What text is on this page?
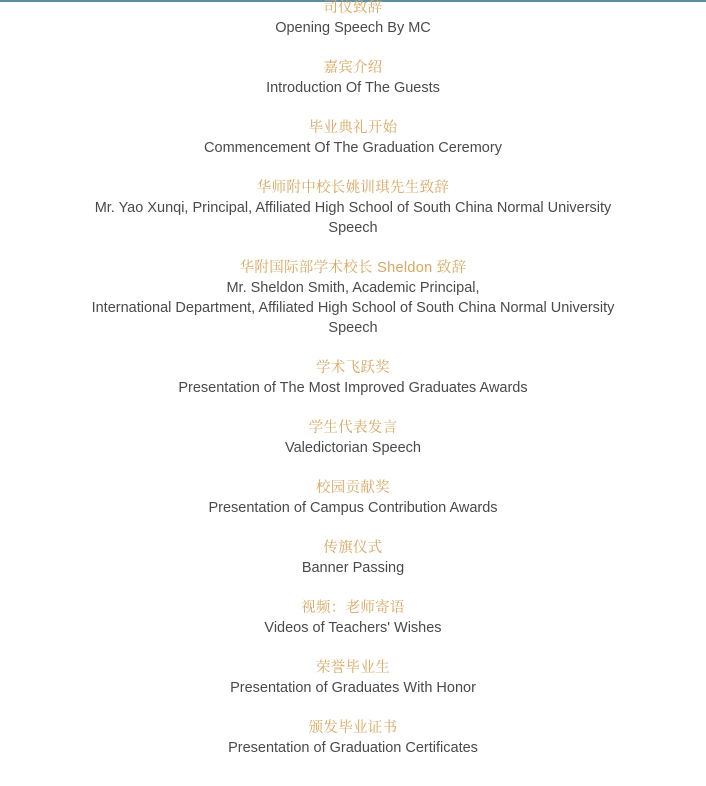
司仪致辞
Opening Speech By MC
嘉宾介绍
Introduction Of The Guests
毕业典礼开始
Commencement Of The Graduation Ceremory
华师附中校长姚训琪先生致辞
Mr. Yao Xunqi, Principal, Affiliated High School of South China Normal University
Speech
华附国际部学术校长 Sheldon 致辞
Mr. Sheldon Smith, Academic Principal,
International Department, Affiliated High School of South China Normal University
Speech
学术飞跃奖
Presentation of The Most Improved Graduates Awards
学生代表发言
Valedictorian Speech
校园贡献奖
Presentation of Campus Contribution Awards
传旗仪式
Banner Passing
视频：老师寄语
Videos of Teachers' Wishes
荣誉毕业生
Presentation of Graduates With Honor
颁发毕业证书
Presentation of Graduation Certificates
